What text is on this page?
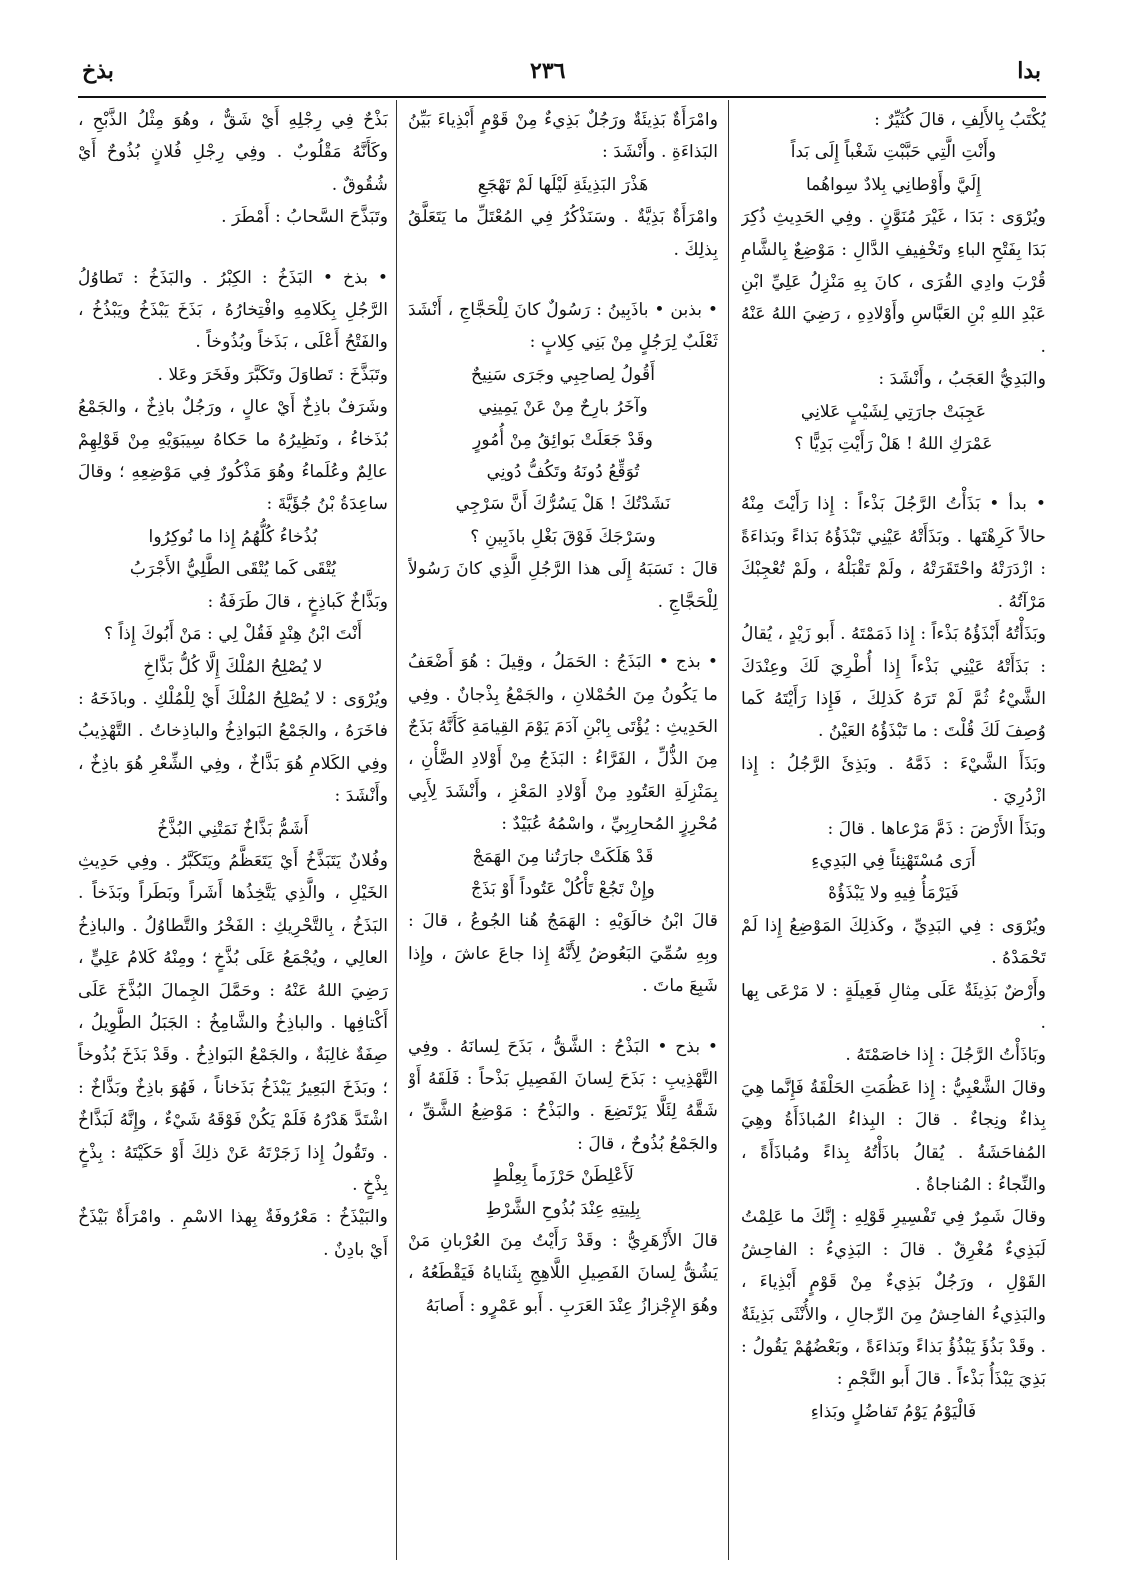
بذخ	٢٣٦	بدا

يُكْتَبُ بِالأَلِفِ ، قالَ كُثَيِّرٌ :

وأَنْتِ الَّتِي حَبَّبْتِ شَغْباً إِلَى بَداً

إِلَيَّ وأَوْطانِي بِلادٌ سِواهُما

ويُرْوَى : بَدَا ، غَيْرَ مُنَوَّنٍ . وفِي الحَدِيثِ ذُكِرَ بَدَا بِفَتْحِ الباءِ وتَخْفِيفِ الدَّالِ : مَوْضِعٌ بِالشَّامِ قُرْبَ وادِي القُرَى ، كانَ بِهِ مَنْزِلُ عَلِيِّ ابْنِ عَبْدِ اللهِ بْنِ العَبَّاسِ وأَوْلادِهِ ، رَضِيَ اللهُ عَنْهُ .

والبَدِيُّ العَجَبُ ، وأَنْشَدَ :

عَجِبَتْ جارَتِي لِشَيْبٍ عَلانِي

عَمْرَكِ اللهُ ! هَلْ رَأَيْتِ بَدِيًّا ؟

• بدأ • بَذَأْتُ الرَّجُلَ بَذْءاً : إِذا رَأَيْتَ مِنْهُ حالاً كَرِهْتَها . وبَذَأَتْهُ عَيْنِي تَبْذَؤُهُ بَذاءً وبَذاءَةً : ازْدَرَتْهُ واحْتَقَرَتْهُ ، ولَمْ تَقْبَلْهُ ، ولَمْ تُعْجِبْكَ مَرْآتُهُ .

وبَذَأْتُهُ أَبْذَؤُهُ بَذْءاً : إِذا ذَمَمْتَهُ . أَبو زَيْدٍ ، يُقالُ : بَذَأَتْهُ عَيْنِي بَذْءاً إِذا أُطْرِيَ لَكَ وعِنْدَكَ الشَّيْءُ ثُمَّ لَمْ تَرَهُ كَذلِكَ ، فَإِذا رَأَيْتَهُ كَما وُصِفَ لَكَ قُلْتَ : ما تَبْذَؤُهُ العَيْنُ .

وبَذَأَ الشَّيْءَ : ذَمَّهُ . وبَذِئَ الرَّجُلُ : إِذا ازْدُرِيَ .

وبَذَأَ الأَرْضَ : ذَمَّ مَرْعاها . قالَ :

أَرَى مُسْتَهْنِئاً فِي البَدِيءِ

فَيَرْمَأُ فِيهِ ولا يَبْذَؤُهْ

ويُرْوَى : فِي البَدِيِّ ، وكَذلِكَ المَوْضِعُ إِذا لَمْ تَحْمَدْهُ .

وأَرْضٌ بَذِيئَةٌ عَلَى مِثالِ فَعِيلَةٍ : لا مَرْعَى بِها .

وبَاذَأْتُ الرَّجُلَ : إِذا خاصَمْتَهُ .

وقالَ الشَّعْبِيُّ : إِذا عَظُمَتِ الحَلْقَةُ فَإِنَّما هِيَ بِذاءٌ ونِجاءٌ . قالَ : البِذاءُ المُباذَأَةُ وهِيَ المُفاحَشَةُ . يُقالُ باذَأْتُهُ بِذاءً ومُباذَأَةً ، والنِّجاءُ : المُناجاةُ .

وقالَ شَمِرٌ فِي تَفْسِيرِ قَوْلِهِ : إِنَّكَ ما عَلِمْتُ لَبَذِيءٌ مُغْرِقٌ . قالَ : البَذِيءُ : الفاحِشُ القَوْلِ ، ورَجُلٌ بَذِيءٌ مِنْ قَوْمٍ أَبْذِياءَ ، والبَذِيءُ الفاحِشُ مِنَ الرِّجالِ ، والأُنْثَى بَذِيئَةٌ . وقَدْ بَذُؤَ يَبْذُؤُ بَذاءً وبَذاءَةً ، وبَعْضُهُمْ يَقُولُ : بَذِيَ يَبْذَأُ بَذْءاً . قالَ أَبو النَّجْمِ :

فَالْيَوْمُ يَوْمُ تَفاضُلٍ وبَذاءِ

وامْرَأَةٌ بَذِيئَةٌ ورَجُلٌ بَذِيءٌ مِنْ قَوْمٍ أَبْذِياءَ بَيِّنُ البَذاءَةِ . وأَنْشَدَ :

هَذْرَ البَذِيئَةِ لَيْلَها لَمْ تَهْجَعِ

وامْرَأَةٌ بَذِيَّةٌ . وسَنَذْكُرُ فِي المُعْتَلِّ ما يَتَعَلَّقُ بِذلِكَ .

• بذبن • باذَبِينُ : رَسُولٌ كانَ لِلْحَجَّاجِ ، أَنْشَدَ ثَعْلَبٌ لِرَجُلٍ مِنْ بَنِي كِلابٍ :

أَقُولُ لِصاحِبِي وجَرَى سَنِيحٌ

وآخَرُ بارِحٌ مِنْ عَنْ يَمِينِي

وقَدْ جَعَلَتْ بَوائِقُ مِنْ أُمُورٍ

تُوَقِّعُ دُونَهُ وتَكُفُّ دُونِي

نَشَدْتُكَ ! هَلْ يَسُرُّكَ أَنَّ سَرْجِي

وسَرْجَكَ فَوْقَ بَغْلِ باذَبِينِ ؟

قالَ : نَسَبَهُ إِلَى هذا الرَّجُلِ الَّذِي كانَ رَسُولاً لِلْحَجَّاجِ .

• بذج • البَذَجُ : الحَمَلُ ، وقِيلَ : هُوَ أَضْعَفُ ما يَكُونُ مِنَ الحُمْلانِ ، والجَمْعُ بِذْجانٌ . وفِي الحَدِيثِ : يُؤْتَى بِابْنِ آدَمَ يَوْمَ القِيامَةِ كَأَنَّهُ بَذَجٌ مِنَ الذُّلِّ ، الفَرَّاءُ : البَذَجُ مِنْ أَوْلادِ الضَّأْنِ ، بِمَنْزِلَةِ العَتُودِ مِنْ أَوْلادِ المَعْزِ ، وأَنْشَدَ لِأَبِي مُحْرِزٍ المُحارِبِيِّ ، واسْمُهُ عُبَيْدٌ :

قَدْ هَلَكَتْ جارَتُنا مِنَ الهَمَجْ

وإِنْ تَجُعْ تَأْكُلْ عَتُوداً أَوْ بَذَجْ

قالَ ابْنُ خالَوَيْهِ : الهَمَجُ هُنا الجُوعُ ، قالَ : وبِهِ سُمِّيَ البَعُوضُ لِأَنَّهُ إِذا جاعَ عاشَ ، وإِذا شَبِعَ ماتَ .

• بذح • البَذْحُ : الشَّقُّ ، بَذَحَ لِسانَهُ . وفِي التَّهْذِيبِ : بَذَحَ لِسانَ الفَصِيلِ بَذْحاً : فَلَقَهُ أَوْ شَقَّهُ لِئَلَّا يَرْتَضِعَ . والبَذْحُ : مَوْضِعُ الشَّقِّ ، والجَمْعُ بُذُوحٌ ، قالَ :

لَأَعْلِطَنْ حَرْزَماً بِعِلْطٍ

بِلِيتِهِ عِنْدَ بُذُوحِ الشَّرْطِ

قالَ الأَزْهَرِيُّ : وقَدْ رَأَيْتُ مِنَ العُرْبانِ مَنْ يَشُقُّ لِسانَ الفَصِيلِ اللَّاهِجِ بِثَناياهُ فَيَقْطَعُهُ ، وهُوَ الإِجْزازُ عِنْدَ العَرَبِ . أَبو عَمْرٍو : أَصابَهُ

بَذْحٌ فِي رِجْلِهِ أَيْ شَقٌّ ، وهُوَ مِثْلُ الذَّبْحِ ، وكَأَنَّهُ مَقْلُوبٌ . وفِي رِجْلِ فُلانٍ بُذُوحٌ أَيْ شُقُوقٌ .

وتَبَذَّحَ السَّحابُ : أَمْطَرَ .

• بذخ • البَذَخُ : الكِبْرُ . والبَذَخُ : تَطاوُلُ الرَّجُلِ بِكَلامِهِ وافْتِخارُهُ ، بَذَخَ يَبْذَخُ ويَبْذُخُ ، والفَتْحُ أَعْلَى ، بَذَخاً وبُذُوخاً .

وتَبَذَّخَ : تَطاوَلَ وتَكَبَّرَ وفَخَرَ وعَلا .

وشَرَفٌ باذِخٌ أَيْ عالٍ ، ورَجُلٌ باذِخٌ ، والجَمْعُ بُذَخاءُ ، ونَظِيرُهُ ما حَكاهُ سِيبَوَيْهِ مِنْ قَوْلِهِمْ عالِمٌ وعُلَماءُ وهُوَ مَذْكُورٌ فِي مَوْضِعِهِ ؛ وقالَ ساعِدَةُ بْنُ جُؤَيَّةَ :

بُذُخاءُ كُلُّهُمُ إِذا ما نُوكِرُوا

يُتْقَى كَما يُتْقَى الطَّلِيُّ الأَجْرَبُ

وبَذَّاخٌ كَباذِخٍ ، قالَ طَرَفَةُ :

أَنْتَ ابْنُ هِنْدٍ فَقُلْ لِي : مَنْ أَبُوكَ إِذاً ؟

لا يُصْلِحُ المُلْكَ إِلَّا كُلُّ بَذَّاخِ

ويُرْوَى : لا يُصْلِحُ المُلْكَ أَيْ لِلْمُلْكِ . وباذَخَهُ : فاخَرَهُ ، والجَمْعُ البَواذِخُ والباذِخاتُ . التَّهْذِيبُ وفِي الكَلامِ هُوَ بَذَّاخٌ ، وفِي الشِّعْرِ هُوَ باذِخٌ ، وأَنْشَدَ :

أَشَمُّ بَذَّاخٌ نَمَتْنِي البُذَّخُ

وفُلانٌ يَتَبَذَّخُ أَيْ يَتَعَظَّمُ ويَتَكَبَّرُ . وفِي حَدِيثِ الخَيْلِ ، والَّذِي يَتَّخِذُها أَشَراً وبَطَراً وبَذَخاً . البَذَخُ ، بِالتَّحْرِيكِ : الفَخْرُ والتَّطاوُلُ . والباذِخُ العالِي ، ويُجْمَعُ عَلَى بُذَّخٍ ؛ ومِنْهُ كَلامُ عَلِيٍّ ، رَضِيَ اللهُ عَنْهُ : وحَمَّلَ الجِمالَ البُذَّخَ عَلَى أَكْتافِها . والباذِخُ والشَّامِخُ : الجَبَلُ الطَّوِيلُ ، صِفَةٌ غالِبَةٌ ، والجَمْعُ البَواذِخُ . وقَدْ بَذَخَ بُذُوخاً ؛ وبَذَخَ البَعِيرُ يَبْذَخُ بَذَخاناً ، فَهُوَ باذِخٌ وبَذَّاخٌ : اشْتَدَّ هَدْرُهُ فَلَمْ يَكُنْ فَوْقَهُ شَيْءٌ ، وإِنَّهُ لَبَذَّاخٌ . وتَقُولُ إِذا زَجَرْتَهُ عَنْ ذلِكَ أَوْ حَكَيْتَهُ : بِذْخٍ بِذْخٍ .

والبَيْذَخُ : مَعْرُوفَةٌ بِهذا الاسْمِ . وامْرَأَةٌ بَيْذَخٌ أَيْ بادِنٌ .
